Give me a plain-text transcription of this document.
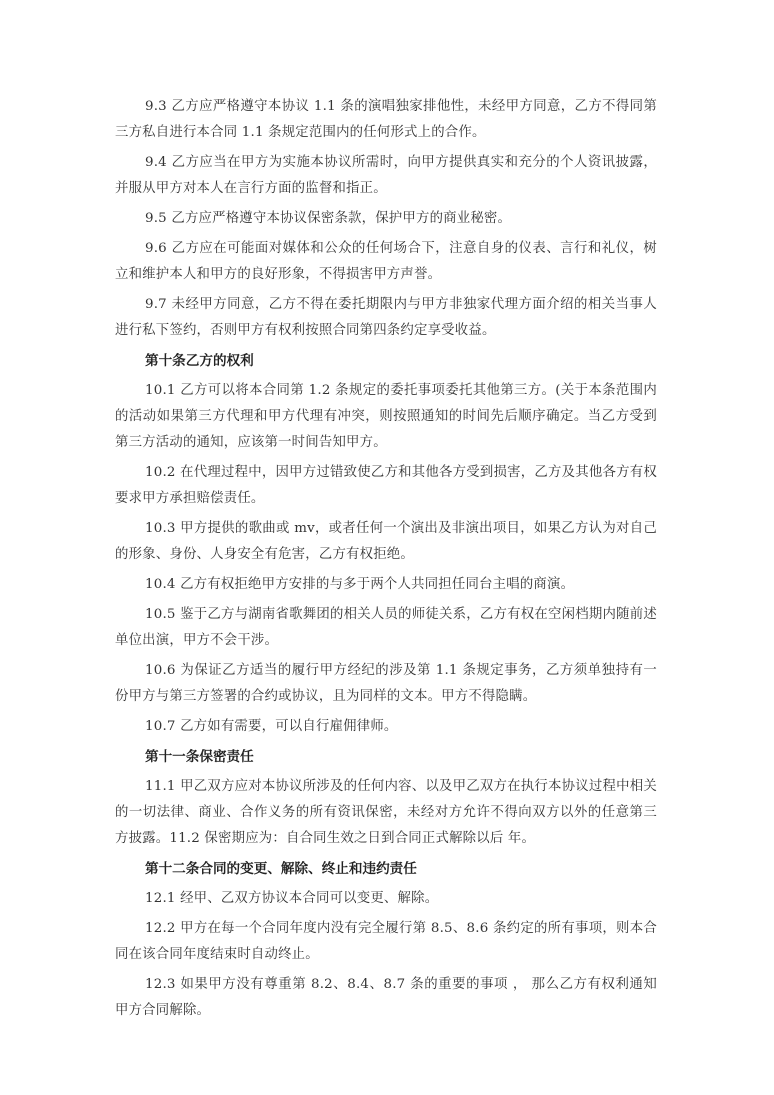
9.3 乙方应严格遵守本协议 1.1 条的演唱独家排他性，未经甲方同意，乙方不得同第三方私自进行本合同 1.1 条规定范围内的任何形式上的合作。

9.4 乙方应当在甲方为实施本协议所需时，向甲方提供真实和充分的个人资讯披露，并服从甲方对本人在言行方面的监督和指正。

9.5 乙方应严格遵守本协议保密条款，保护甲方的商业秘密。

9.6 乙方应在可能面对媒体和公众的任何场合下，注意自身的仪表、言行和礼仪，树立和维护本人和甲方的良好形象，不得损害甲方声誉。

9.7 未经甲方同意，乙方不得在委托期限内与甲方非独家代理方面介绍的相关当事人进行私下签约，否则甲方有权利按照合同第四条约定享受收益。

第十条乙方的权利

10.1 乙方可以将本合同第 1.2 条规定的委托事项委托其他第三方。(关于本条范围内的活动如果第三方代理和甲方代理有冲突，则按照通知的时间先后顺序确定。当乙方受到第三方活动的通知，应该第一时间告知甲方。

10.2 在代理过程中，因甲方过错致使乙方和其他各方受到损害，乙方及其他各方有权要求甲方承担赔偿责任。

10.3 甲方提供的歌曲或 mv，或者任何一个演出及非演出项目，如果乙方认为对自己的形象、身份、人身安全有危害，乙方有权拒绝。

10.4 乙方有权拒绝甲方安排的与多于两个人共同担任同台主唱的商演。

10.5 鉴于乙方与湖南省歌舞团的相关人员的师徒关系，乙方有权在空闲档期内随前述单位出演，甲方不会干涉。

10.6 为保证乙方适当的履行甲方经纪的涉及第 1.1 条规定事务，乙方须单独持有一份甲方与第三方签署的合约或协议，且为同样的文本。甲方不得隐瞒。

10.7 乙方如有需要，可以自行雇佣律师。

第十一条保密责任

11.1 甲乙双方应对本协议所涉及的任何内容、以及甲乙双方在执行本协议过程中相关的一切法律、商业、合作义务的所有资讯保密，未经对方允许不得向双方以外的任意第三方披露。11.2 保密期应为：自合同生效之日到合同正式解除以后 年。

第十二条合同的变更、解除、终止和违约责任

12.1 经甲、乙双方协议本合同可以变更、解除。

12.2 甲方在每一个合同年度内没有完全履行第 8.5、8.6 条约定的所有事项，则本合同在该合同年度结束时自动终止。

12.3 如果甲方没有尊重第 8.2、8.4、8.7 条的重要的事项 ， 那么乙方有权利通知甲方合同解除。
